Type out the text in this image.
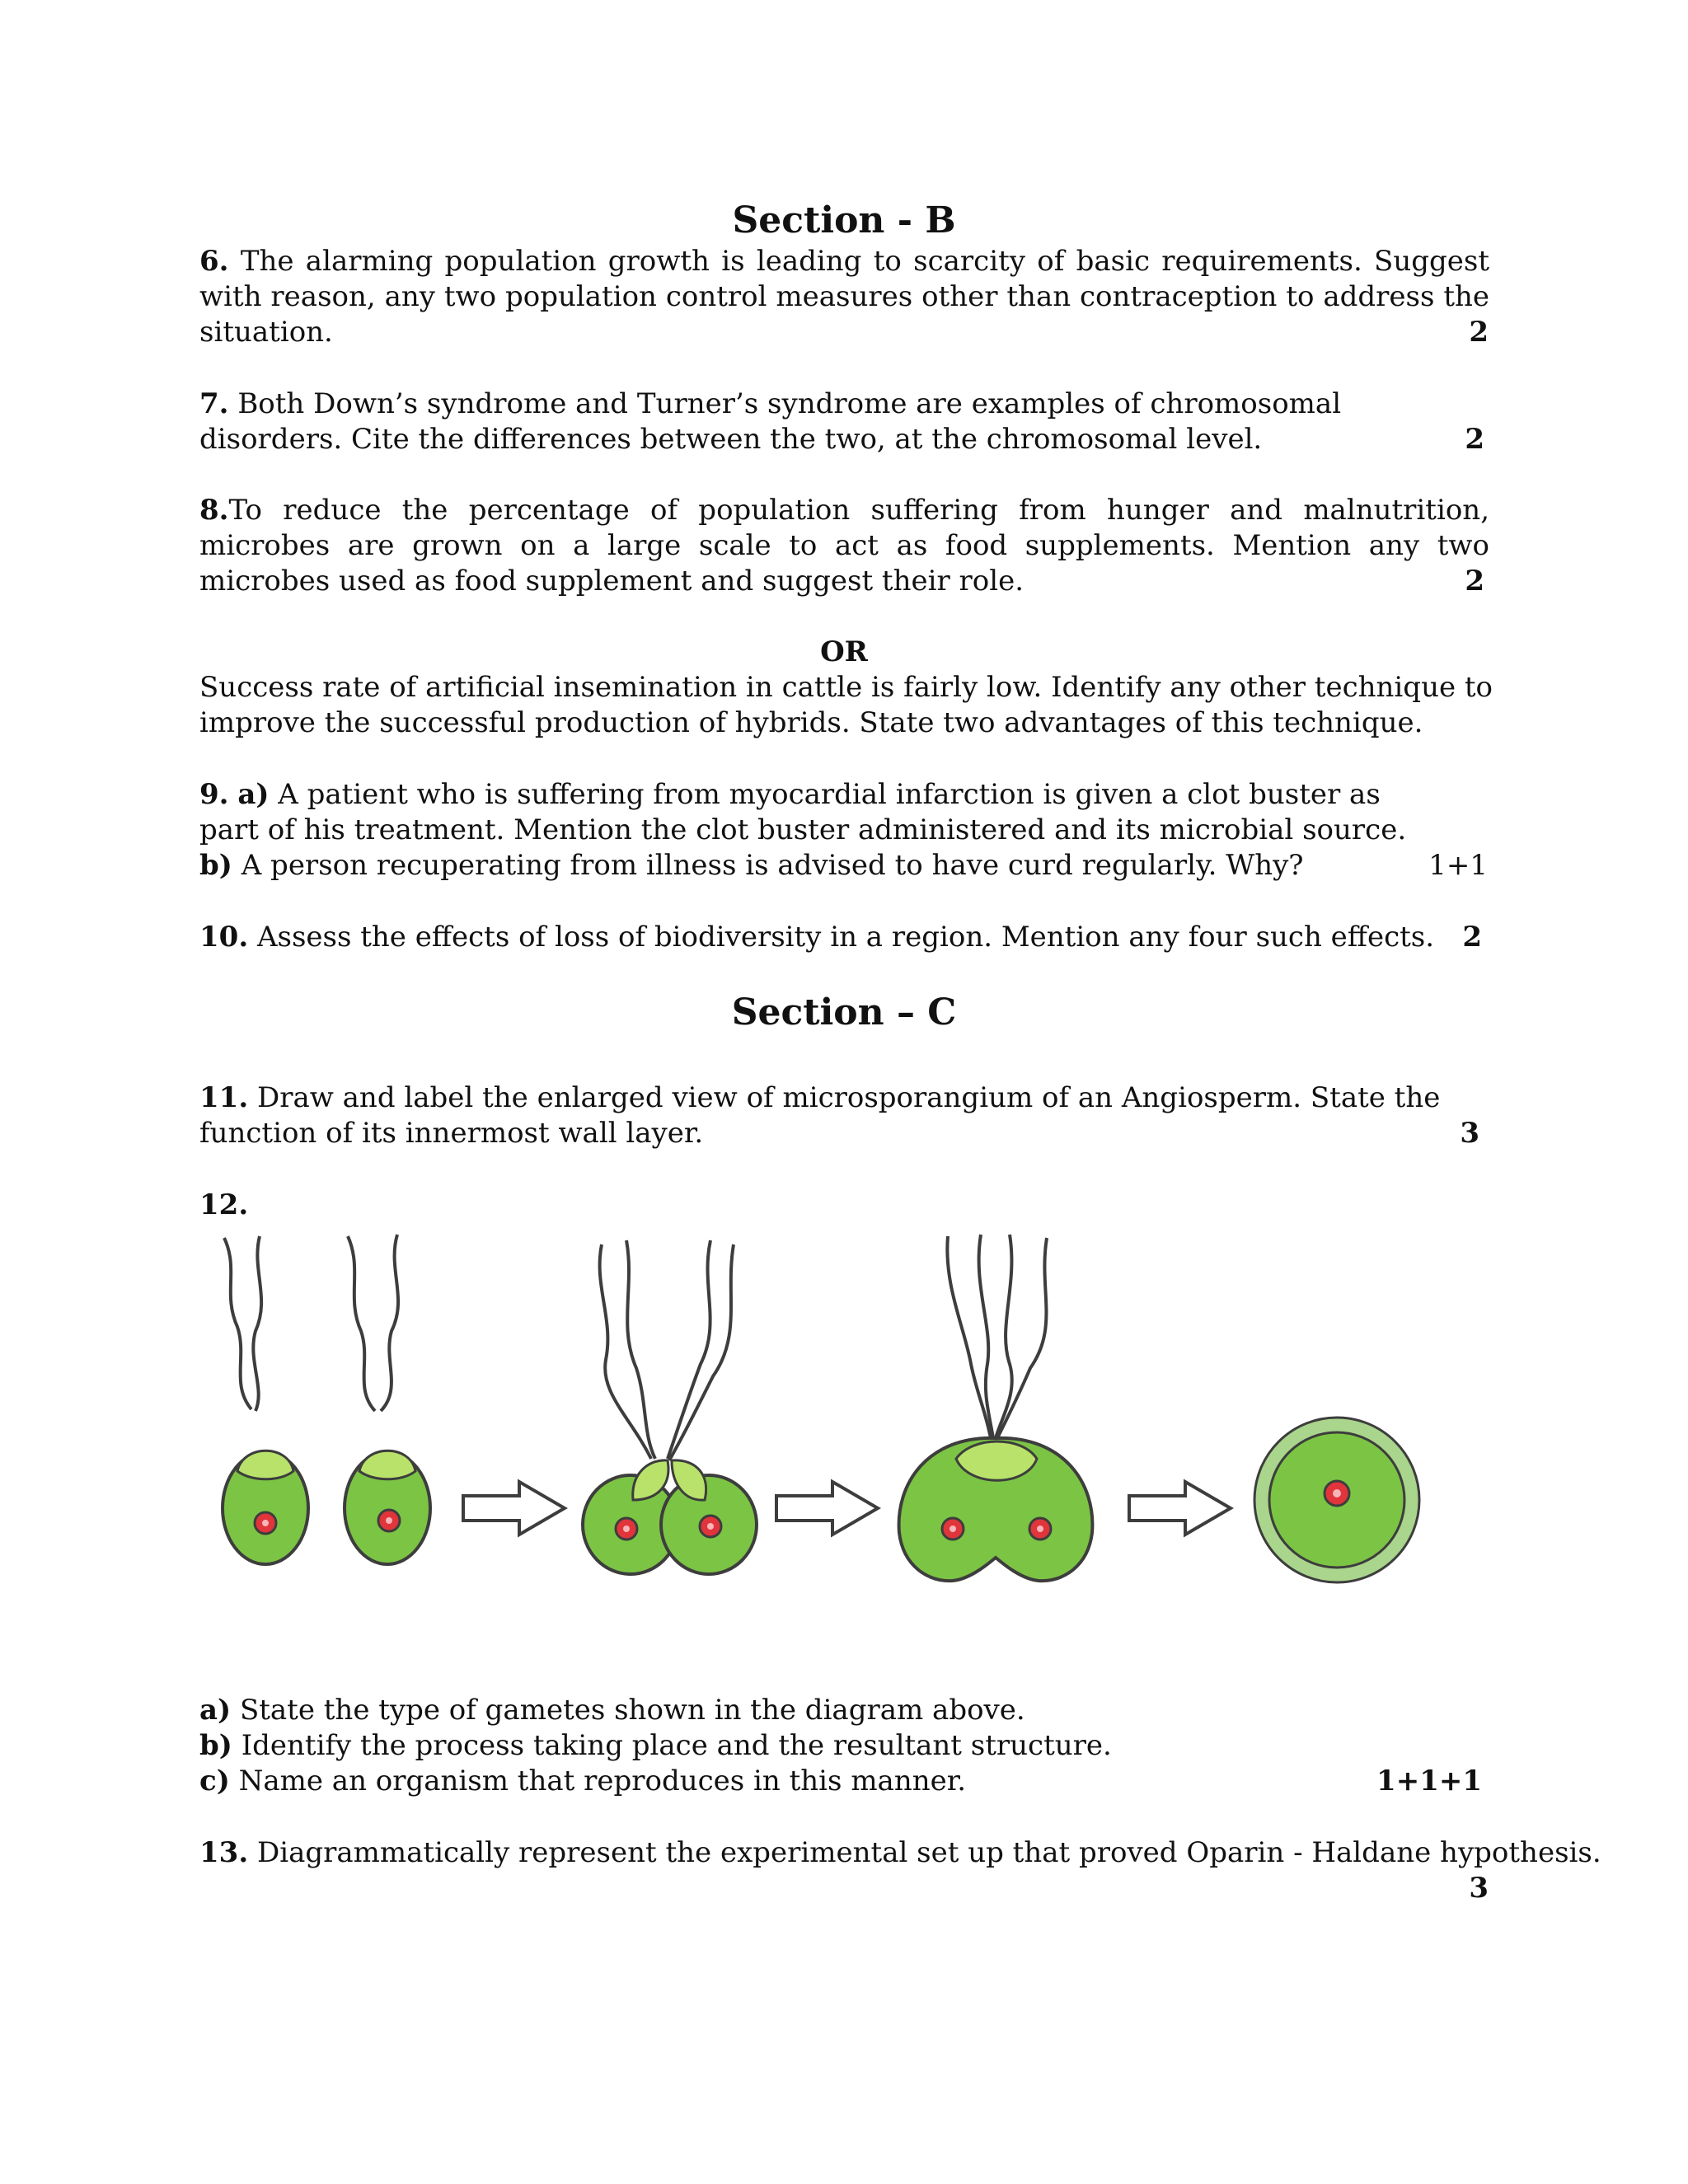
Section - B
6. The alarming population growth is leading to scarcity of basic requirements. Suggest with reason, any two population control measures other than contraception to address the situation.	2
7. Both Down’s syndrome and Turner’s syndrome are examples of chromosomal disorders. Cite the differences between the two, at the chromosomal level.	2
8.To reduce the percentage of population suffering from hunger and malnutrition, microbes are grown on a large scale to act as food supplements. Mention any two microbes used as food supplement and suggest their role.	2
OR
Success rate of artificial insemination in cattle is fairly low. Identify any other technique to improve the successful production of hybrids. State two advantages of this technique.
9. a) A patient who is suffering from myocardial infarction is given a clot buster as part of his treatment. Mention the clot buster administered and its microbial source.
b) A person recuperating from illness is advised to have curd regularly. Why?	1+1
10. Assess the effects of loss of biodiversity in a region. Mention any four such effects. 2
Section – C
11. Draw and label the enlarged view of microsporangium of an Angiosperm. State the function of its innermost wall layer.	3
12.
a) State the type of gametes shown in the diagram above.
b) Identify the process taking place and the resultant structure.
c) Name an organism that reproduces in this manner.	1+1+1
13. Diagrammatically represent the experimental set up that proved Oparin - Haldane hypothesis.
3
